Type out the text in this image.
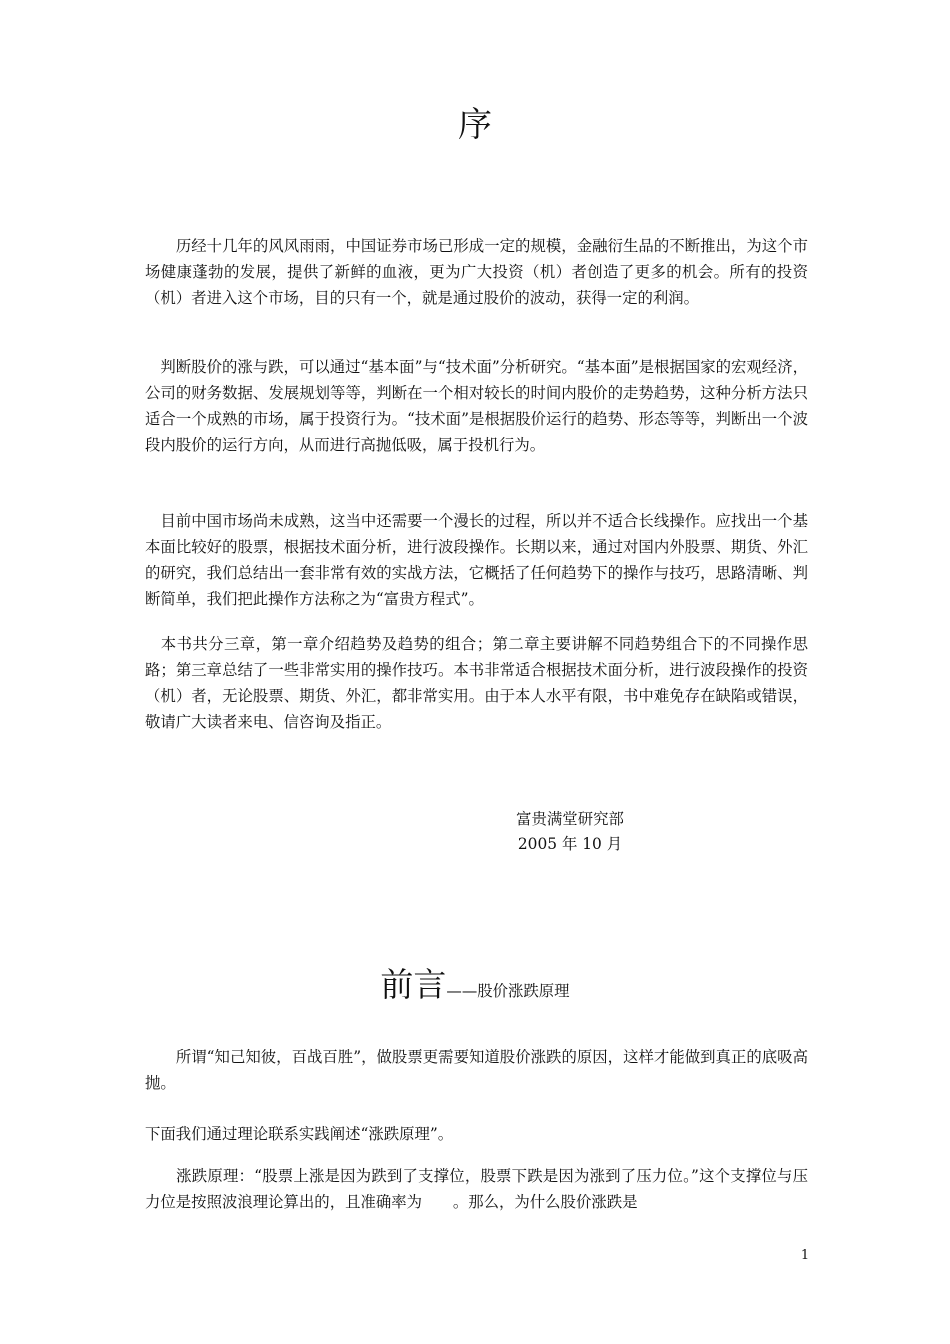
序
　　历经十几年的风风雨雨，中国证券市场已形成一定的规模，金融衍生品的不断推出，为这个市场健康蓬勃的发展，提供了新鲜的血液，更为广大投资（机）者创造了更多的机会。所有的投资（机）者进入这个市场，目的只有一个，就是通过股价的波动，获得一定的利润。
　判断股价的涨与跌，可以通过“基本面”与“技术面”分析研究。“基本面”是根据国家的宏观经济，公司的财务数据、发展规划等等，判断在一个相对较长的时间内股价的走势趋势，这种分析方法只适合一个成熟的市场，属于投资行为。“技术面”是根据股价运行的趋势、形态等等，判断出一个波段内股价的运行方向，从而进行高抛低吸，属于投机行为。
　目前中国市场尚未成熟，这当中还需要一个漫长的过程，所以并不适合长线操作。应找出一个基本面比较好的股票，根据技术面分析，进行波段操作。长期以来，通过对国内外股票、期货、外汇的研究，我们总结出一套非常有效的实战方法，它概括了任何趋势下的操作与技巧，思路清晰、判断简单，我们把此操作方法称之为“富贵方程式”。
　本书共分三章，第一章介绍趋势及趋势的组合；第二章主要讲解不同趋势组合下的不同操作思路；第三章总结了一些非常实用的操作技巧。本书非常适合根据技术面分析，进行波段操作的投资（机）者，无论股票、期货、外汇，都非常实用。由于本人水平有限，书中难免存在缺陷或错误，敬请广大读者来电、信咨询及指正。
富贵满堂研究部
2005 年 10 月
前言——股价涨跌原理
　　所谓“知己知彼，百战百胜”，做股票更需要知道股价涨跌的原因，这样才能做到真正的底吸高抛。
下面我们通过理论联系实践阐述“涨跌原理”。
　　涨跌原理：“股票上涨是因为跌到了支撑位，股票下跌是因为涨到了压力位。”这个支撑位与压力位是按照波浪理论算出的，且准确率为　　。那么，为什么股价涨跌是
1
